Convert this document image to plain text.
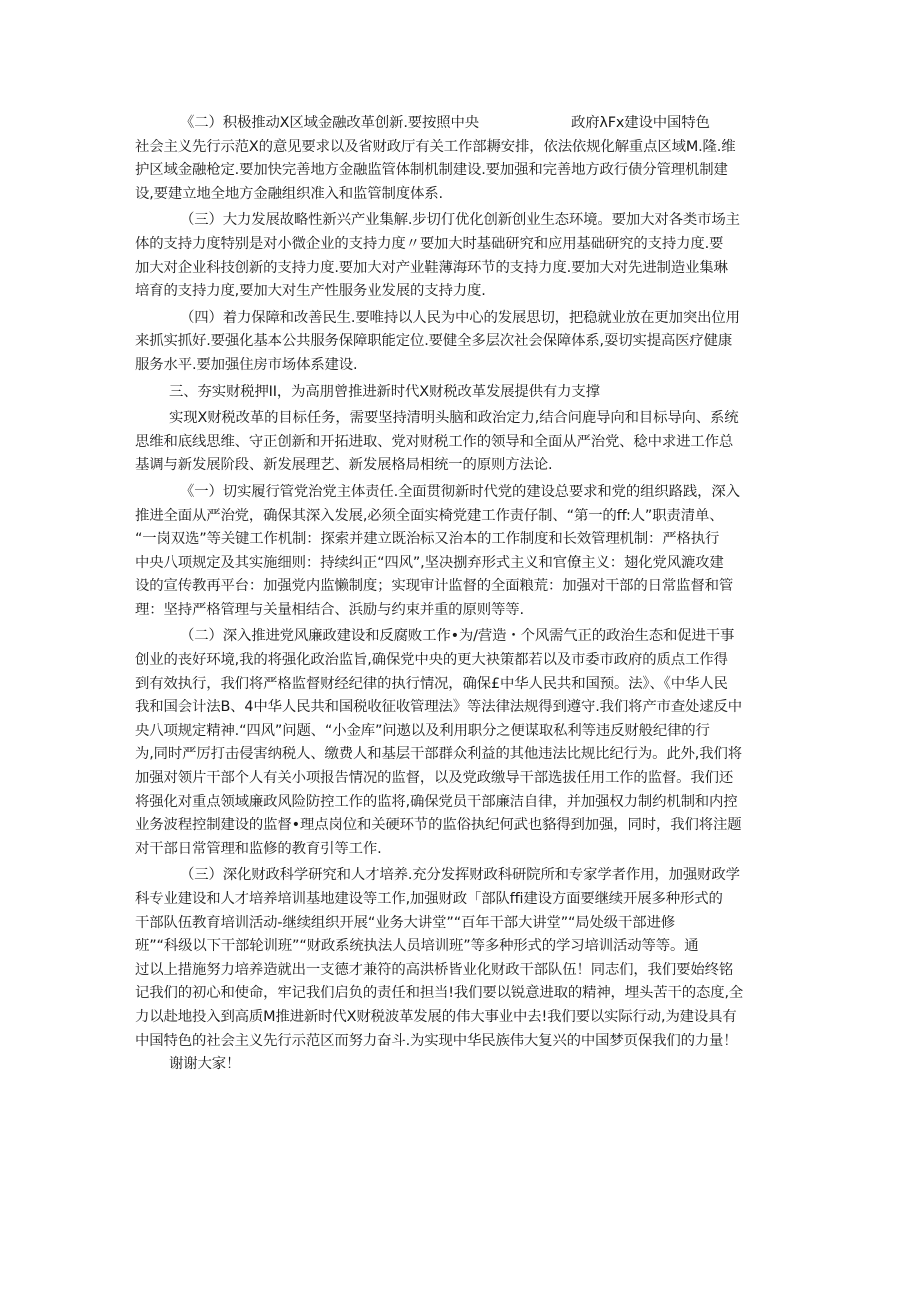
《二）积极推动X区域金融改革创新.要按照中央	政府λFx建设中国特色
社会主义先行示范X的意见要求以及省财政厅有关工作部耨安排，依法依规化解重点区域M.隆.维
护区域金融枪定.要加快完善地方金融监管体制机制建设.要加强和完善地方政行债分管理机制建
设,要建立地全地方金融组织准入和监管制度体系.
（三）大力发展故略性新兴产业集解.步切仃优化创新创业生态环境。要加大对各类市场主
体的支持力度特别是对小微企业的支持力度〃要加大时基础研究和应用基础研究的支持力度.要
加大对企业科技创新的支持力度.要加大对产业鞋薄海环节的支持力度.要加大对先进制造业集琳
培育的支持力度,要加大对生产性服务业发展的支持力度.
（四）着力保障和改善民生.要唯持以人民为中心的发展思切，把稳就业放在更加突出位用
来抓实抓好.要强化基本公共服务保障职能定位.要健全多层次社会保障体系,耍切实提高医疗健康
服务水平.要加强住房市场体系建设.
三、夯实财税押II，为高朋曾推进新时代X财税改革发展提供有力支撑
实现X财税改革的目标任务，需要坚持清明头脑和政治定力,结合问鹿导向和目标导向、系统
思维和底线思维、守正创新和开拓进取、党对财税工作的领导和全面从严治党、稔中求进工作总
基调与新发展阶段、新发展理艺、新发展格局相统一的原则方法论.
《一）切实履行管党治党主体责任.全面贯彻新时代党的建设总要求和党的组织路践，深入
推进全面从严治党，确保其深入发展,必须全面实椅党建工作责仔制、“第一的ff:人”职责清单、
“一岗双选”等关键工作机制：探索并建立既治标又治本的工作制度和长效管理机制：严格执行
中央八项规定及其实施细则：持续纠正“四风”,坚决捌弃形式主义和官僚主义：翅化党风漉攻建
设的宣传教再平台：加强党内监懒制度；实现审计监督的全面粮荒：加强对干部的日常监督和管
理：坚持严格管理与关量相结合、浜励与约束并重的原则等等.
（二）深入推进党风廉政建设和反腐败工作•为/营造・个风需气正的政治生态和促进干事
创业的丧好环境,我的将强化政治监旨,确保党中央的更大袂策都若以及市委市政府的质点工作得
到有效执行，我们将严格监督财经纪律的执行情况，确保£中华人民共和国预。法》、《中华人民
我和国会计法B、4中华人民共和国税收征收管理法》等法律法规得到遵守.我们将产市查处逑反中
央八项规定精神.“四风”问题、“小金库”问遨以及利用职分之便谋取私利等违反财般纪律的行
为,同时严厉打击侵害纳税人、缴费人和基层干部群众利益的其他违法比规比纪行为。此外,我们将
加强对领片干部个人有关小项报告情况的监督，以及党政缴导干部选拔任用工作的监督。我们还
将强化对重点领域廉政风险防控工作的监将,确保党员干部廉洁自律，并加强权力制约机制和内控
业务波程控制建设的监督•理点岗位和关硬环节的监俗执纪何武也貉得到加强，同时，我们将注题
对干部日常管理和监修的教育引等工作.
（三）深化财政科学研究和人才培养.充分发挥财政科研院所和专家学者作用，加强财政学
科专业建设和人才培养培训基地建设等工作,加强财政「部队ffi建设方面要继续开展多种形式的
干部队伍教育培训活动-继续组织开展“业务大讲堂”“百年干部大讲堂”“局处级干部进修
班”“科级以下干部轮训班”“财政系统执法人员培训班”等多种形式的学习培训活动等等。通
过以上措施努力培养造就出一支德才兼符的高洪桥皆业化财政干部队伍！同志们，我们要始终铭
记我们的初心和使命，牢记我们启负的责任和担当!我们要以锐意进取的精神，埋头苦干的态度,全
力以赴地投入到高质M推进新时代X财税波革发展的伟大事业中去!我们要以实际行动,为建设具有
中国特色的社会主义先行示范区而努力奋斗.为实现中华民族伟大复兴的中国梦页保我们的力量！
谢谢大家！
